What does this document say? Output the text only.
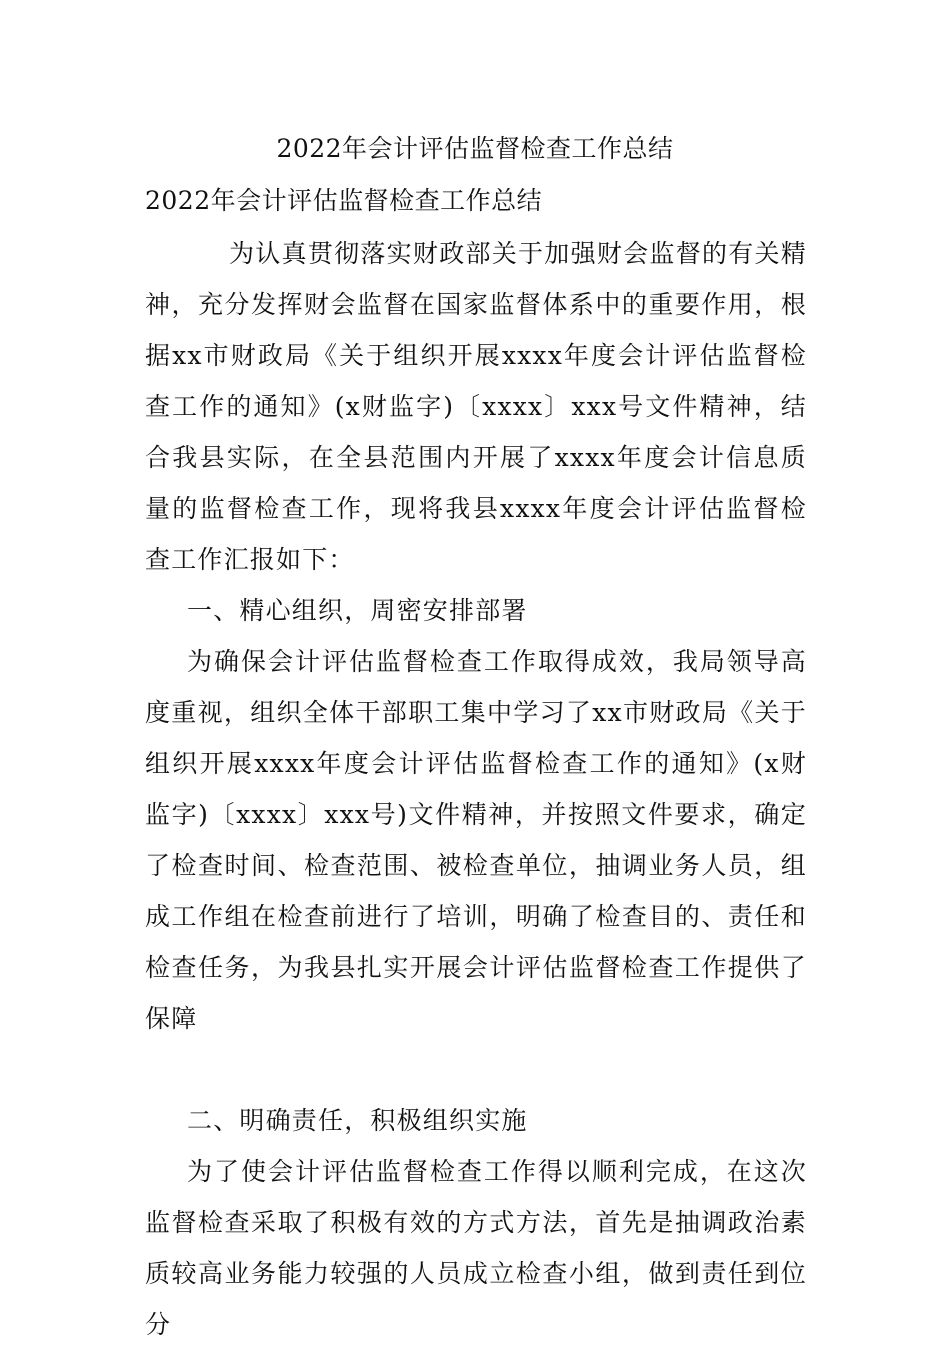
2022年会计评估监督检查工作总结
2022年会计评估监督检查工作总结

为认真贯彻落实财政部关于加强财会监督的有关精神，充分发挥财会监督在国家监督体系中的重要作用，根据xx市财政局《关于组织开展xxxx年度会计评估监督检查工作的通知》(x财监字)〔xxxx〕xxx号文件精神，结合我县实际，在全县范围内开展了xxxx年度会计信息质量的监督检查工作，现将我县xxxx年度会计评估监督检查工作汇报如下：

一、精心组织，周密安排部署

为确保会计评估监督检查工作取得成效，我局领导高度重视，组织全体干部职工集中学习了xx市财政局《关于组织开展xxxx年度会计评估监督检查工作的通知》(x财监字)〔xxxx〕xxx号)文件精神，并按照文件要求，确定了检查时间、检查范围、被检查单位，抽调业务人员，组成工作组在检查前进行了培训，明确了检查目的、责任和检查任务，为我县扎实开展会计评估监督检查工作提供了保障

二、明确责任，积极组织实施

为了使会计评估监督检查工作得以顺利完成，在这次监督检查采取了积极有效的方式方法，首先是抽调政治素质较高业务能力较强的人员成立检查小组，做到责任到位分
